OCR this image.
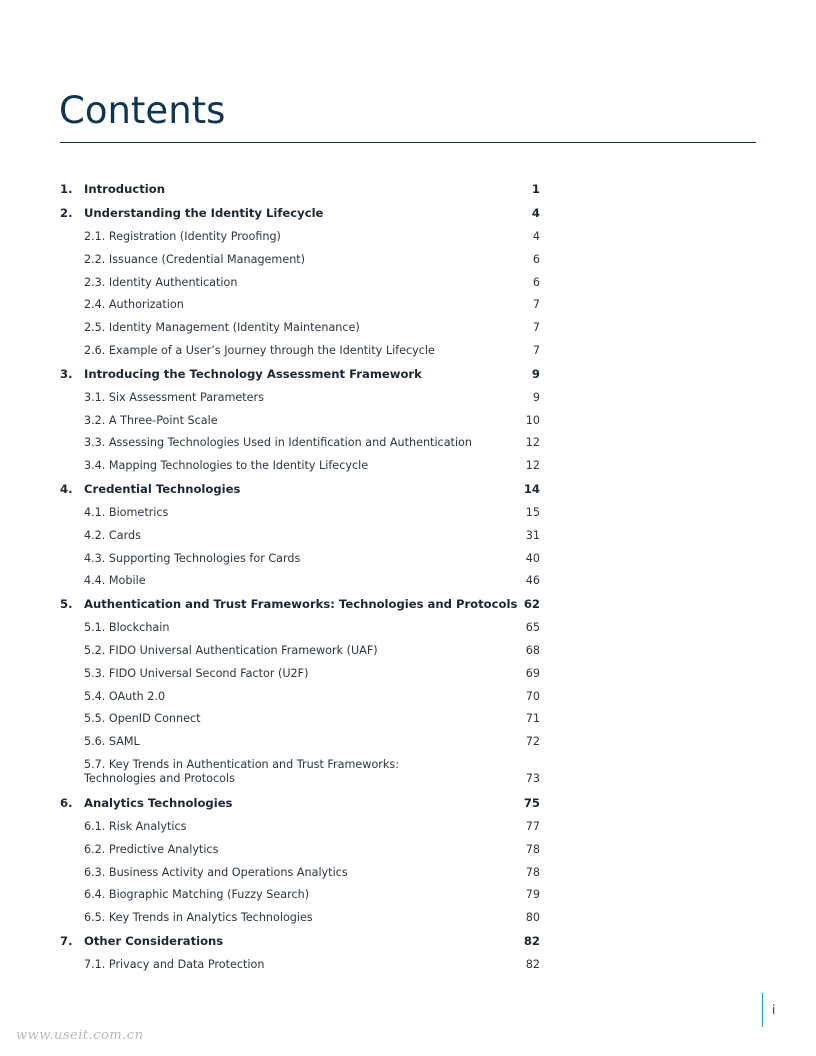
Contents
1. Introduction	1
2. Understanding the Identity Lifecycle	4
2.1. Registration (Identity Proofing)	4
2.2. Issuance (Credential Management)	6
2.3. Identity Authentication	6
2.4. Authorization	7
2.5. Identity Management (Identity Maintenance)	7
2.6. Example of a User’s Journey through the Identity Lifecycle	7
3. Introducing the Technology Assessment Framework	9
3.1. Six Assessment Parameters	9
3.2. A Three-Point Scale	10
3.3. Assessing Technologies Used in Identification and Authentication	12
3.4. Mapping Technologies to the Identity Lifecycle	12
4. Credential Technologies	14
4.1. Biometrics	15
4.2. Cards	31
4.3. Supporting Technologies for Cards	40
4.4. Mobile	46
5. Authentication and Trust Frameworks: Technologies and Protocols 62
5.1. Blockchain	65
5.2. FIDO Universal Authentication Framework (UAF)	68
5.3. FIDO Universal Second Factor (U2F)	69
5.4. OAuth 2.0	70
5.5. OpenID Connect	71
5.6. SAML	72
5.7. Key Trends in Authentication and Trust Frameworks: Technologies and Protocols	73
6. Analytics Technologies	75
6.1. Risk Analytics	77
6.2. Predictive Analytics	78
6.3. Business Activity and Operations Analytics	78
6.4. Biographic Matching (Fuzzy Search)	79
6.5. Key Trends in Analytics Technologies	80
7. Other Considerations	82
7.1. Privacy and Data Protection	82
i
www.useit.com.cn
